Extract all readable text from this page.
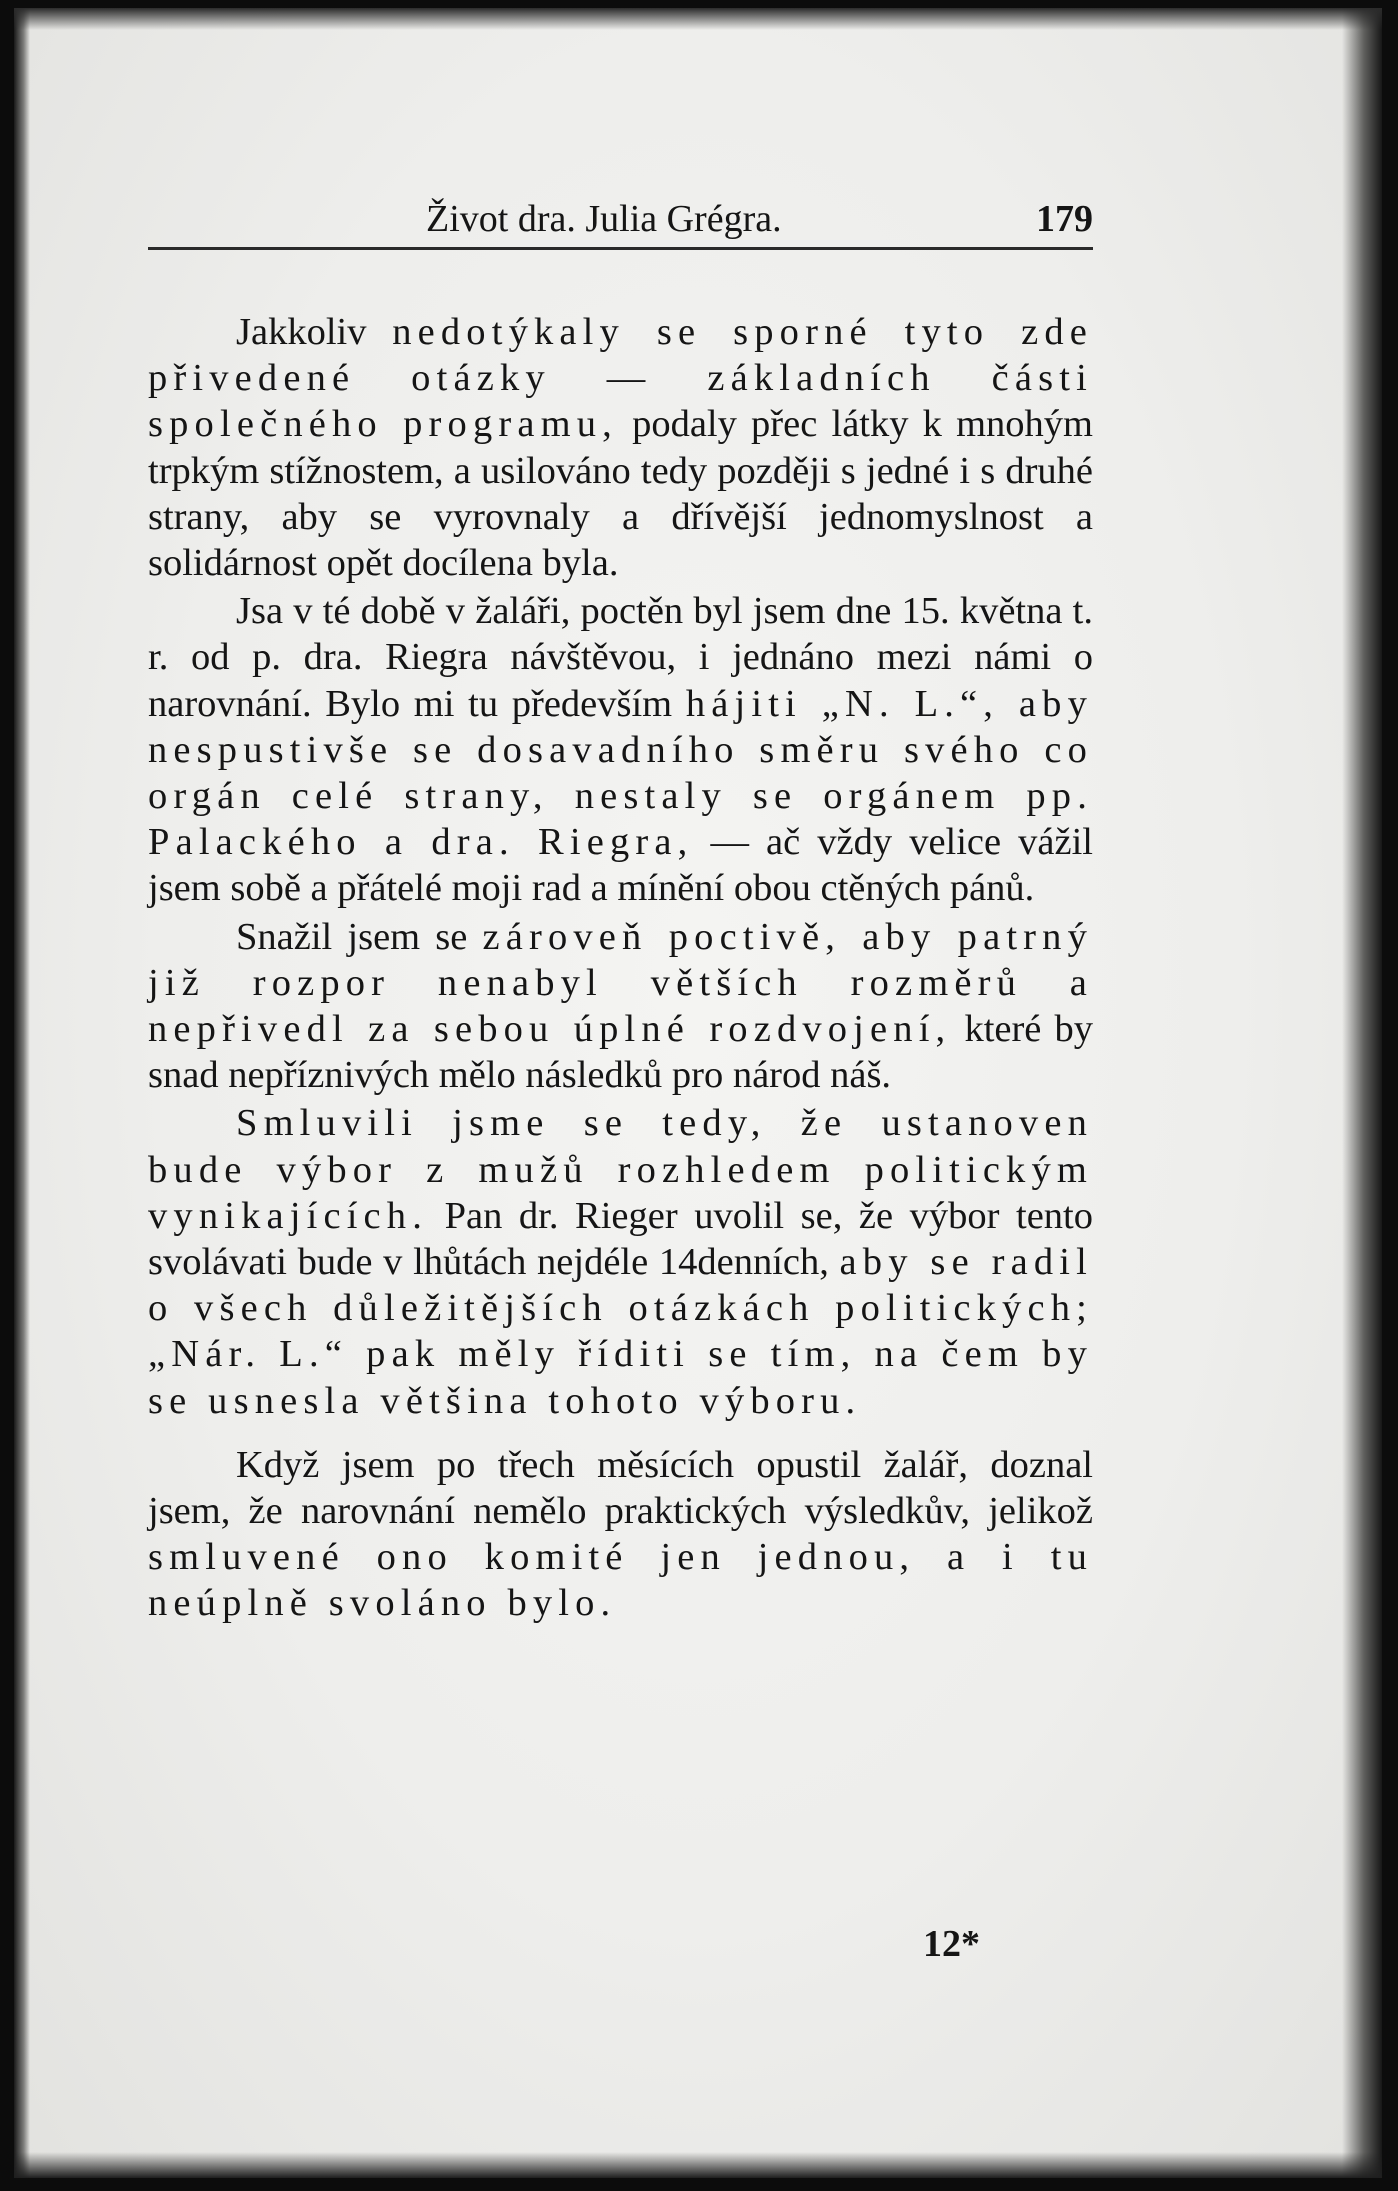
Život dra. Julia Grégra.	179

Jakkoliv nedotýkaly se sporné tyto zde přivedené otázky — základních části společného programu, podaly přec látky k mnohým trpkým stížnostem, a usilováno tedy později s jedné i s druhé strany, aby se vyrovnaly a dřívější jednomyslnost a solidárnost opět docílena byla.

Jsa v té době v žaláři, poctěn byl jsem dne 15. května t. r. od p. dra. Riegra návštěvou, i jednáno mezi námi o narovnání. Bylo mi tu především hájiti „N. L.“, aby nespustivše se dosavadního směru svého co orgán celé strany, nestaly se orgánem pp. Palackého a dra. Riegra, — ač vždy velice vážil jsem sobě a přátelé moji rad a mínění obou ctěných pánů.

Snažil jsem se zároveň poctivě, aby patrný již rozpor nenabyl větších rozměrů a nepřivedl za sebou úplné rozdvojení, které by snad nepříznivých mělo následků pro národ náš.

Smluvili jsme se tedy, že ustanoven bude výbor z mužů rozhledem politickým vynikajících. Pan dr. Rieger uvolil se, že výbor tento svolávati bude v lhůtách nejdéle 14denních, aby se radil o všech důležitějších otázkách politických; „Nár. L.“ pak měly říditi se tím, na čem by se usnesla většina tohoto výboru.

Když jsem po třech měsících opustil žalář, doznal jsem, že narovnání nemělo praktických výsledkův, jelikož smluvené ono komité jen jednou, a i tu neúplně svoláno bylo.

12*
